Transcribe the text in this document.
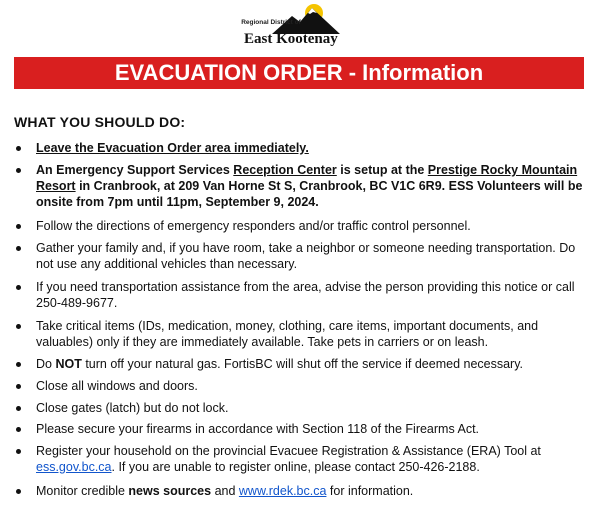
Regional District of
East Kootenay
EVACUATION ORDER - Information
WHAT YOU SHOULD DO:
Leave the Evacuation Order area immediately.
An Emergency Support Services Reception Center is setup at the Prestige Rocky Mountain Resort in Cranbrook, at 209 Van Horne St S, Cranbrook, BC V1C 6R9. ESS Volunteers will be onsite from 7pm until 11pm, September 9, 2024.
Follow the directions of emergency responders and/or traffic control personnel.
Gather your family and, if you have room, take a neighbor or someone needing transportation. Do not use any additional vehicles than necessary.
If you need transportation assistance from the area, advise the person providing this notice or call 250-489-9677.
Take critical items (IDs, medication, money, clothing, care items, important documents, and valuables) only if they are immediately available. Take pets in carriers or on leash.
Do NOT turn off your natural gas. FortisBC will shut off the service if deemed necessary.
Close all windows and doors.
Close gates (latch) but do not lock.
Please secure your firearms in accordance with Section 118 of the Firearms Act.
Register your household on the provincial Evacuee Registration & Assistance (ERA) Tool at ess.gov.bc.ca. If you are unable to register online, please contact 250-426-2188.
Monitor credible news sources and www.rdek.bc.ca for information.
